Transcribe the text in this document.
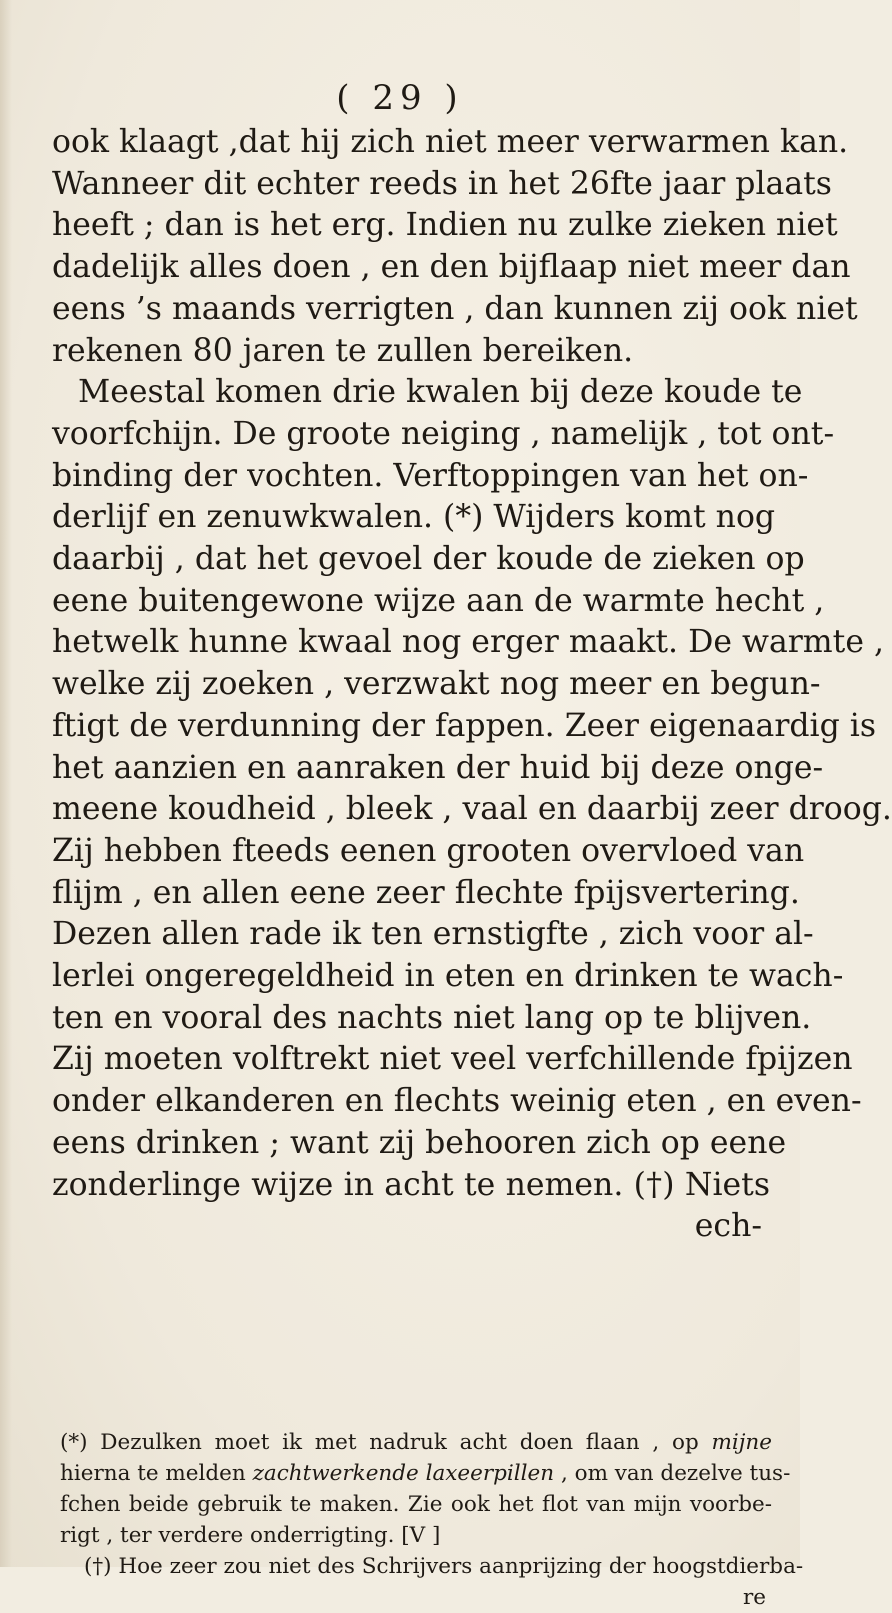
( 29 )
ook klaagt ,dat hij zich niet meer verwarmen kan.
Wanneer dit echter reeds in het 26fte jaar plaats
heeft ; dan is het erg. Indien nu zulke zieken niet
dadelijk alles doen , en den bijflaap niet meer dan
eens ’s maands verrigten , dan kunnen zij ook niet
rekenen 80 jaren te zullen bereiken.
Meestal komen drie kwalen bij deze koude te
voorfchijn. De groote neiging , namelijk , tot ont-
binding der vochten. Verftoppingen van het on-
derlijf en zenuwkwalen. (*) Wijders komt nog
daarbij , dat het gevoel der koude de zieken op
eene buitengewone wijze aan de warmte hecht ,
hetwelk hunne kwaal nog erger maakt. De warmte ,
welke zij zoeken , verzwakt nog meer en begun-
ftigt de verdunning der fappen. Zeer eigenaardig is
het aanzien en aanraken der huid bij deze onge-
meene koudheid , bleek , vaal en daarbij zeer droog.
Zij hebben fteeds eenen grooten overvloed van
flijm , en allen eene zeer flechte fpijsvertering.
Dezen allen rade ik ten ernstigfte , zich voor al-
lerlei ongeregeldheid in eten en drinken te wach-
ten en vooral des nachts niet lang op te blijven.
Zij moeten volftrekt niet veel verfchillende fpijzen
onder elkanderen en flechts weinig eten , en even-
eens drinken ; want zij behooren zich op eene
zonderlinge wijze in acht te nemen. (†) Niets
ech-
(*) Dezulken moet ik met nadruk acht doen flaan , op mijne
hierna te melden zachtwerkende laxeerpillen , om van dezelve tus-
fchen beide gebruik te maken. Zie ook het flot van mijn voorbe-
rigt , ter verdere onderrigting. [V ]
(†) Hoe zeer zou niet des Schrijvers aanprijzing der hoogstdierba-
re
